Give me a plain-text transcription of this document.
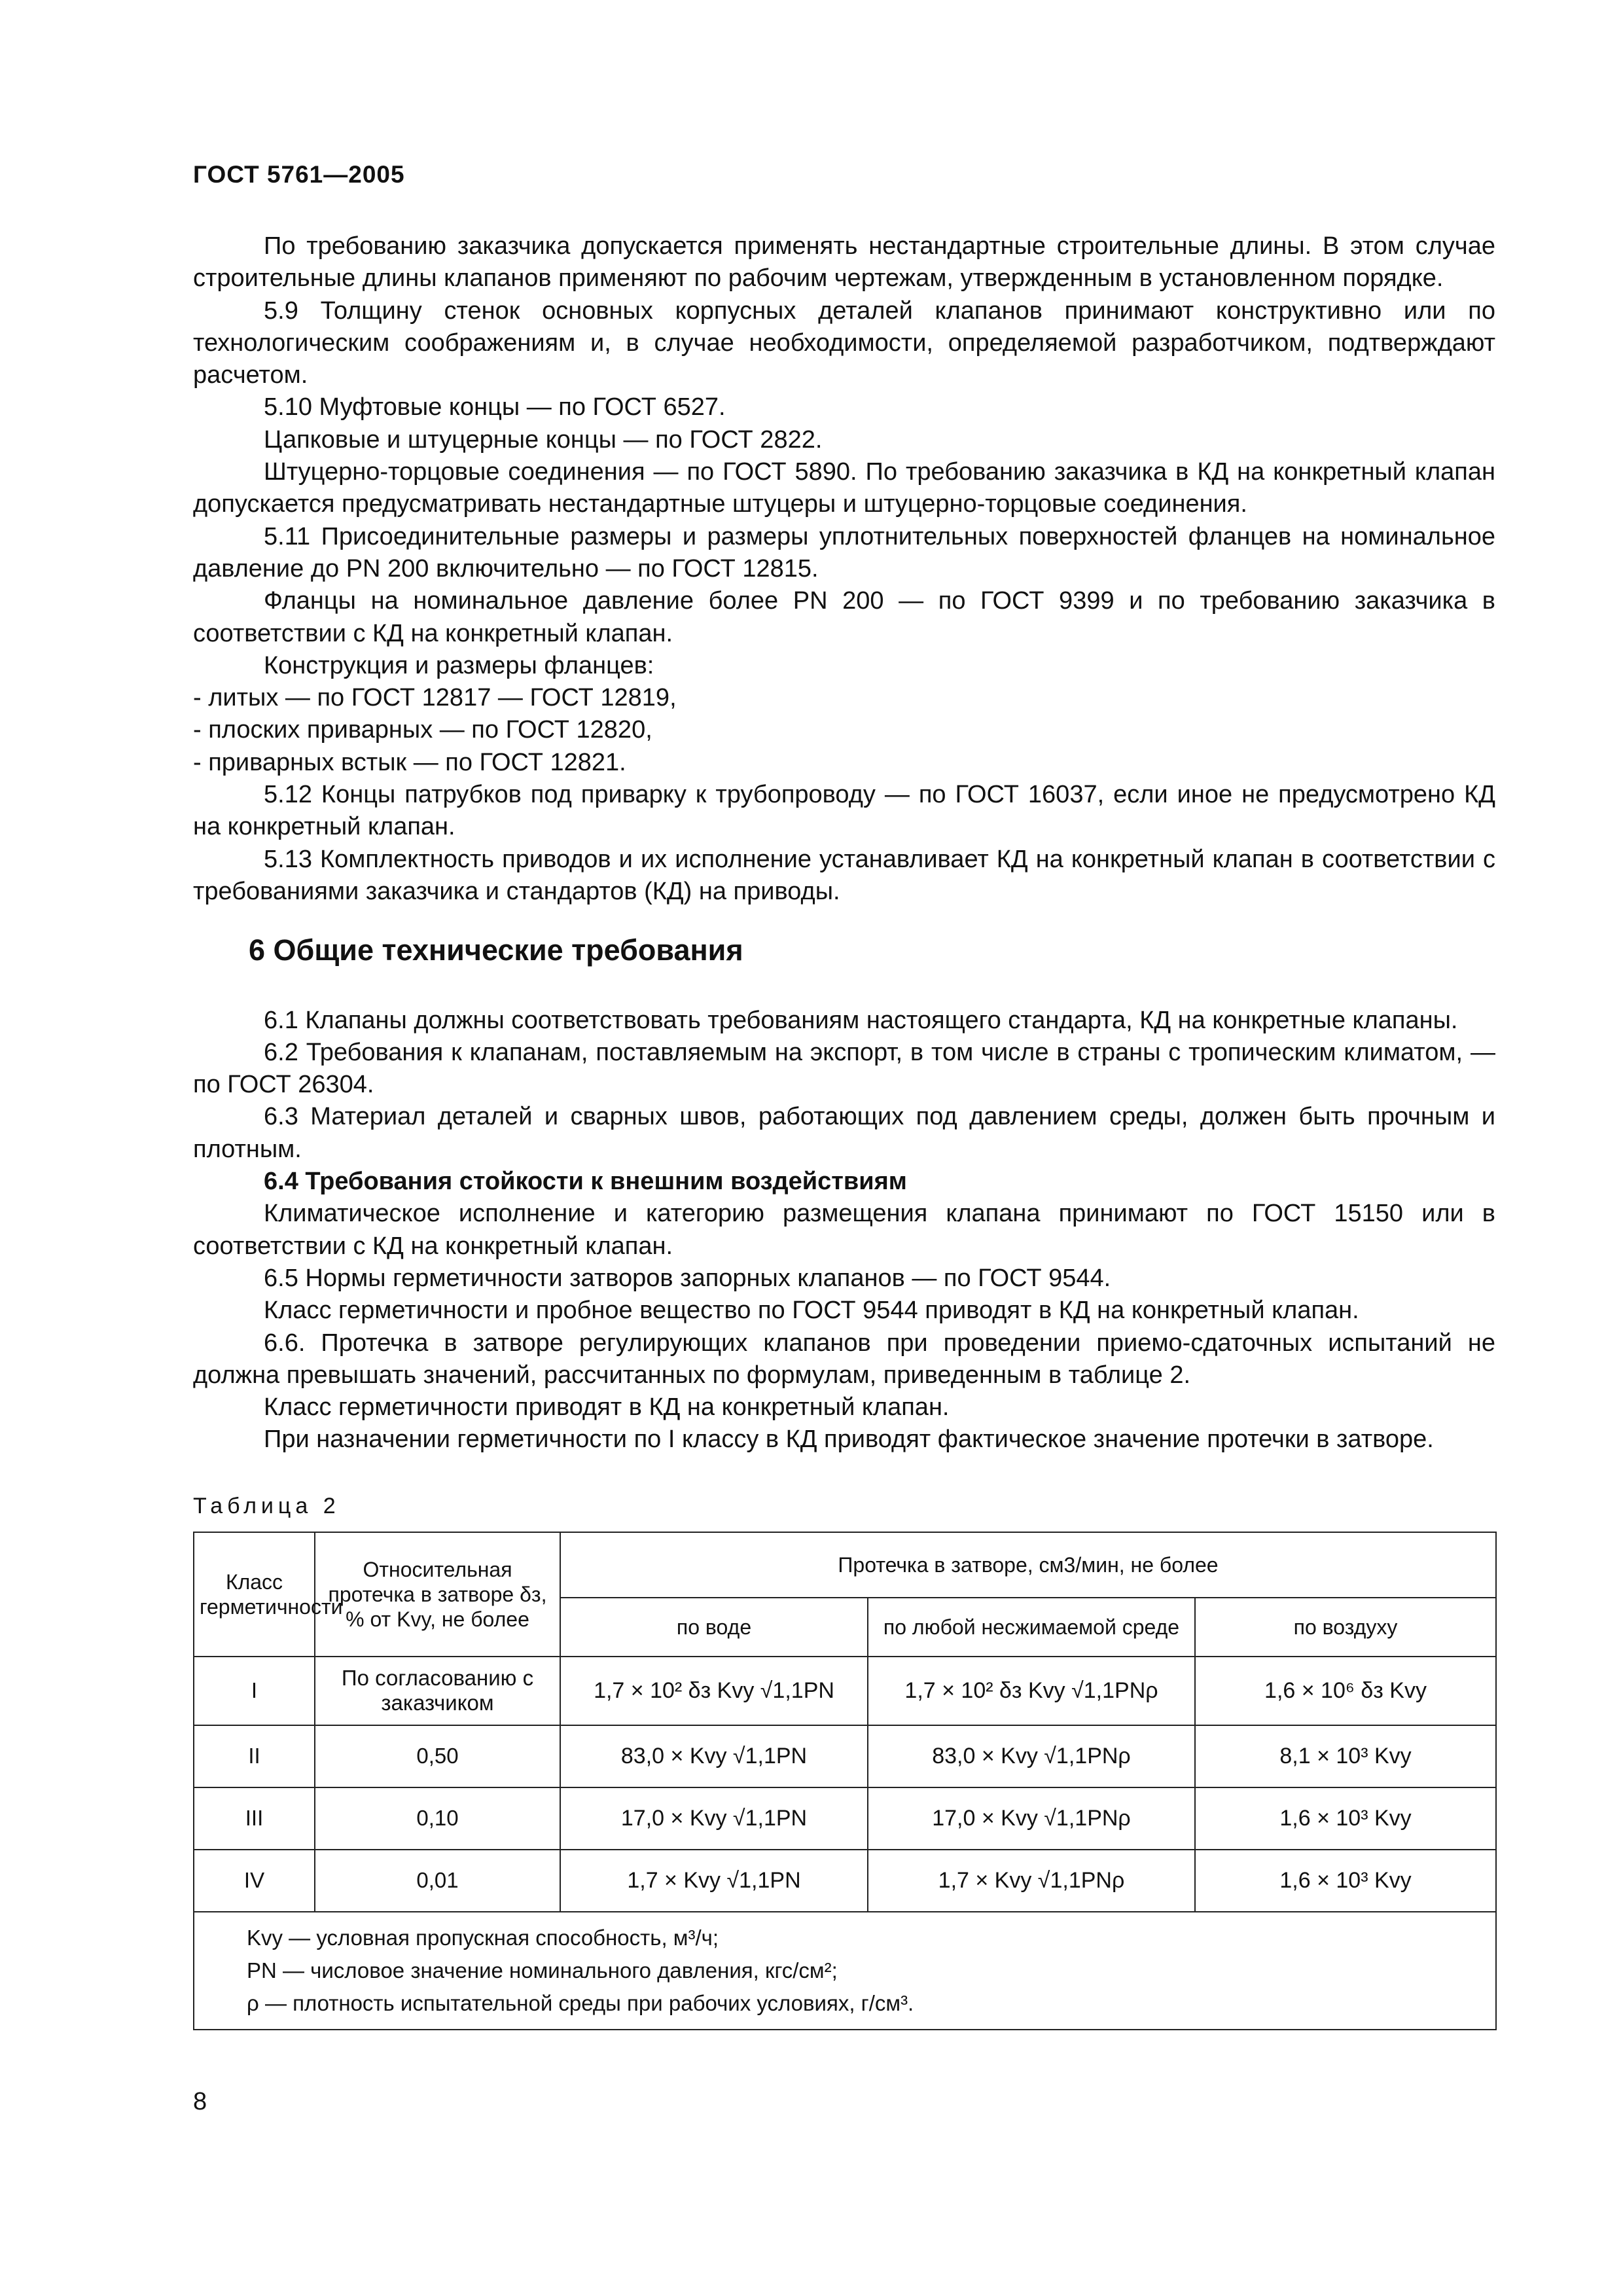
ГОСТ 5761—2005

По требованию заказчика допускается применять нестандартные строительные длины. В этом случае строительные длины клапанов применяют по рабочим чертежам, утвержденным в установленном порядке.

5.9 Толщину стенок основных корпусных деталей клапанов принимают конструктивно или по технологическим соображениям и, в случае необходимости, определяемой разработчиком, подтверждают расчетом.

5.10 Муфтовые концы — по ГОСТ 6527.

Цапковые и штуцерные концы — по ГОСТ 2822.

Штуцерно-торцовые соединения — по ГОСТ 5890. По требованию заказчика в КД на конкретный клапан допускается предусматривать нестандартные штуцеры и штуцерно-торцовые соединения.

5.11 Присоединительные размеры и размеры уплотнительных поверхностей фланцев на номинальное давление до PN 200 включительно — по ГОСТ 12815.

Фланцы на номинальное давление более PN 200 — по ГОСТ 9399 и по требованию заказчика в соответствии с КД на конкретный клапан.

Конструкция и размеры фланцев:

- литых — по ГОСТ 12817 — ГОСТ 12819,

- плоских приварных — по ГОСТ 12820,

- приварных встык — по ГОСТ 12821.

5.12 Концы патрубков под приварку к трубопроводу — по ГОСТ 16037, если иное не предусмотрено КД на конкретный клапан.

5.13 Комплектность приводов и их исполнение устанавливает КД на конкретный клапан в соответствии с требованиями заказчика и стандартов (КД) на приводы.

6 Общие технические требования

6.1 Клапаны должны соответствовать требованиям настоящего стандарта, КД на конкретные клапаны.

6.2 Требования к клапанам, поставляемым на экспорт, в том числе в страны с тропическим климатом, — по ГОСТ 26304.

6.3 Материал деталей и сварных швов, работающих под давлением среды, должен быть прочным и плотным.

6.4 Требования стойкости к внешним воздействиям

Климатическое исполнение и категорию размещения клапана принимают по ГОСТ 15150 или в соответствии с КД на конкретный клапан.

6.5 Нормы герметичности затворов запорных клапанов — по ГОСТ 9544.

Класс герметичности и пробное вещество по ГОСТ 9544 приводят в КД на конкретный клапан.

6.6. Протечка в затворе регулирующих клапанов при проведении приемо-сдаточных испытаний не должна превышать значений, рассчитанных по формулам, приведенным в таблице 2.

Класс герметичности приводят в КД на конкретный клапан.

При назначении герметичности по I классу в КД приводят фактическое значение протечки в затворе.

Таблица 2

Класс герметичности	Относительная протечка в затворе δз, % от Kvy, не более	Протечка в затворе, см3/мин, не более		
		по воде	по любой несжимаемой среде	по воздуху
I	По согласованию с заказчиком	1,7 × 10² δз Kvy √1,1PN	1,7 × 10² δз Kvy √1,1PNρ	1,6 × 10⁶ δз Kvy
II	0,50	83,0 × Kvy √1,1PN	83,0 × Kvy √1,1PNρ	8,1 × 10³ Kvy
III	0,10	17,0 × Kvy √1,1PN	17,0 × Kvy √1,1PNρ	1,6 × 10³ Kvy
IV	0,01	1,7 × Kvy √1,1PN	1,7 × Kvy √1,1PNρ	1,6 × 10³ Kvy

Kvy — условная пропускная способность, м³/ч;
PN — числовое значение номинального давления, кгс/см²;
ρ — плотность испытательной среды при рабочих условиях, г/см³.				
8
